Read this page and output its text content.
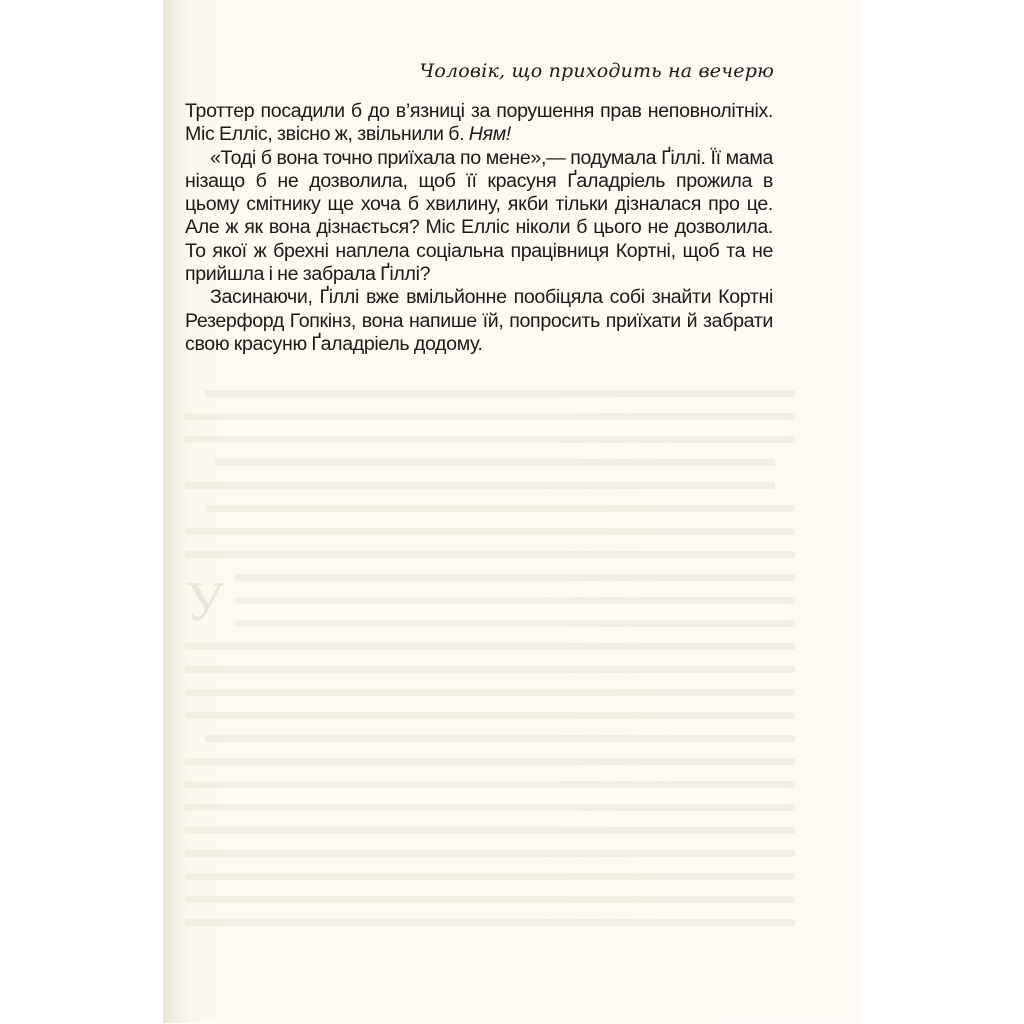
У
Чоловік, що приходить на вечерю

Троттер посадили б до в’язниці за порушення прав неповнолітніх. Міс Елліс, звісно ж, звільнили б. Ням!

«Тоді б вона точно приїхала по мене»,— подумала Ґіллі. Її мама нізащо б не дозволила, щоб її красуня Ґаладріель прожила в цьому смітнику ще хоча б хвилину, якби тільки дізналася про це. Але ж як вона дізнається? Міс Елліс ніколи б цього не дозволила. То якої ж брехні наплела соціальна працівниця Кортні, щоб та не прийшла і не забрала Ґіллі?

Засинаючи, Ґіллі вже вмільйонне пообіцяла собі знайти Кортні Резерфорд Гопкінз, вона напише їй, попросить приїхати й забрати свою красуню Ґаладріель додому.
